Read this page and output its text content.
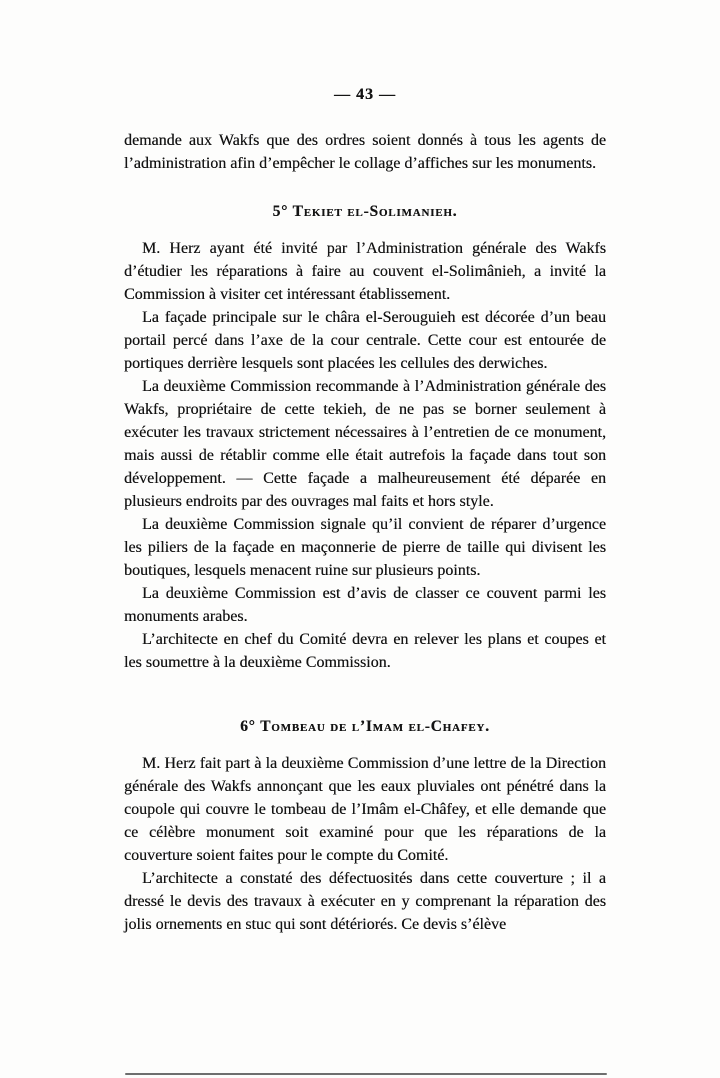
— 43 —

demande aux Wakfs que des ordres soient donnés à tous les agents de l’administration afin d’empêcher le collage d’affiches sur les monuments.

5° Tekiet el-Solimanieh.

M. Herz ayant été invité par l’Administration générale des Wakfs d’étudier les réparations à faire au couvent el-Solimânieh, a invité la Commission à visiter cet intéressant établissement.

La façade principale sur le châra el-Serouguieh est décorée d’un beau portail percé dans l’axe de la cour centrale. Cette cour est entourée de portiques derrière lesquels sont placées les cellules des derwiches.

La deuxième Commission recommande à l’Administration générale des Wakfs, propriétaire de cette tekieh, de ne pas se borner seulement à exécuter les travaux strictement nécessaires à l’entretien de ce monument, mais aussi de rétablir comme elle était autrefois la façade dans tout son développement. — Cette façade a malheureusement été déparée en plusieurs endroits par des ouvrages mal faits et hors style.

La deuxième Commission signale qu’il convient de réparer d’urgence les piliers de la façade en maçonnerie de pierre de taille qui divisent les boutiques, lesquels menacent ruine sur plusieurs points.

La deuxième Commission est d’avis de classer ce couvent parmi les monuments arabes.

L’architecte en chef du Comité devra en relever les plans et coupes et les soumettre à la deuxième Commission.

6° Tombeau de l’Imam el-Chafey.

M. Herz fait part à la deuxième Commission d’une lettre de la Direction générale des Wakfs annonçant que les eaux pluviales ont pénétré dans la coupole qui couvre le tombeau de l’Imâm el-Châfey, et elle demande que ce célèbre monument soit examiné pour que les réparations de la couverture soient faites pour le compte du Comité.

L’architecte a constaté des défectuosités dans cette couverture ; il a dressé le devis des travaux à exécuter en y comprenant la réparation des jolis ornements en stuc qui sont détériorés. Ce devis s’élève
